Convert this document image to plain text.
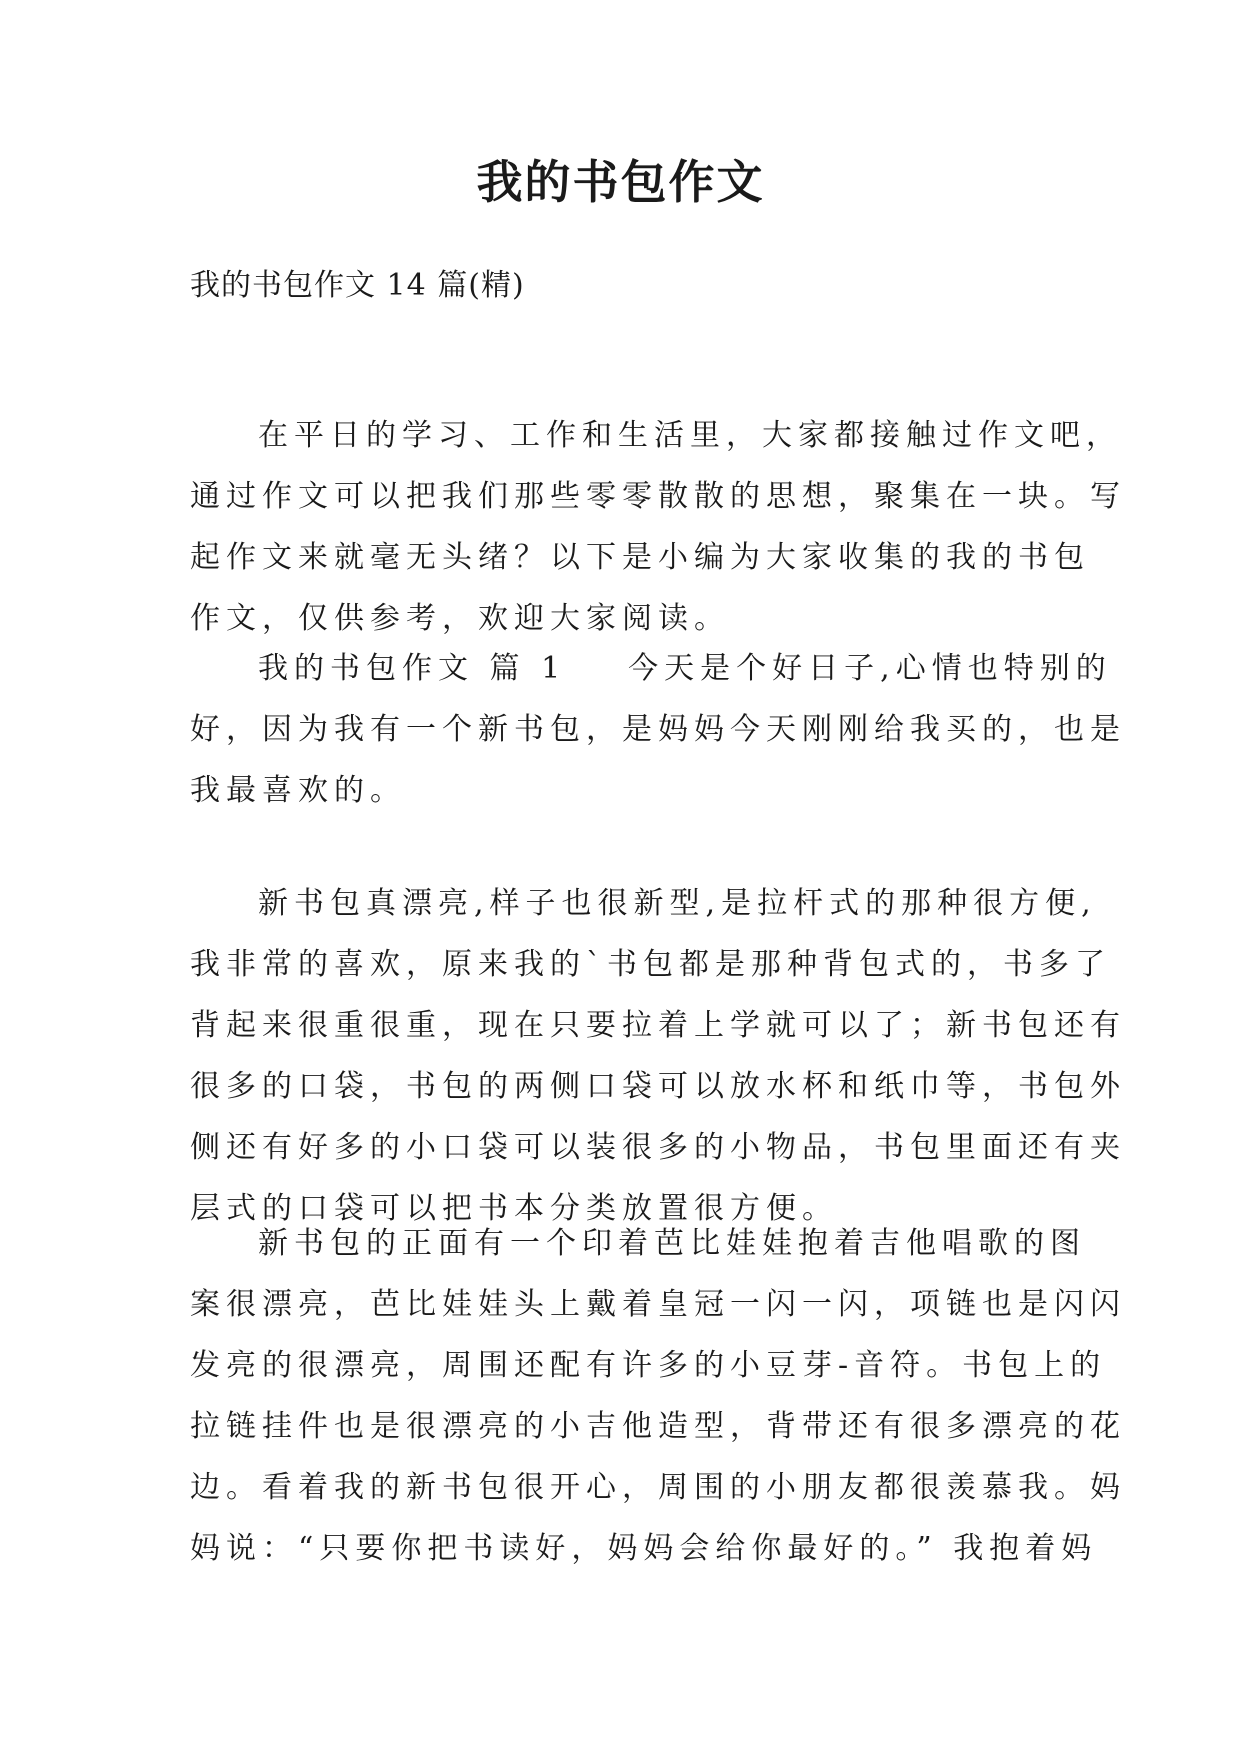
我的书包作文

我的书包作文 14 篇(精)

在平日的学习、工作和生活里，大家都接触过作文吧，
通过作文可以把我们那些零零散散的思想，聚集在一块。写
起作文来就毫无头绪？以下是小编为大家收集的我的书包
作文，仅供参考，欢迎大家阅读。
我的书包作文 篇 1 今天是个好日子,心情也特别的
好，因为我有一个新书包，是妈妈今天刚刚给我买的，也是
我最喜欢的。
新书包真漂亮,样子也很新型,是拉杆式的那种很方便,
我非常的喜欢，原来我的`书包都是那种背包式的，书多了
背起来很重很重，现在只要拉着上学就可以了；新书包还有
很多的口袋，书包的两侧口袋可以放水杯和纸巾等，书包外
侧还有好多的小口袋可以装很多的小物品，书包里面还有夹
层式的口袋可以把书本分类放置很方便。
新书包的正面有一个印着芭比娃娃抱着吉他唱歌的图
案很漂亮，芭比娃娃头上戴着皇冠一闪一闪，项链也是闪闪
发亮的很漂亮，周围还配有许多的小豆芽-音符。书包上的
拉链挂件也是很漂亮的小吉他造型，背带还有很多漂亮的花
边。看着我的新书包很开心，周围的小朋友都很羡慕我。妈
妈说：“只要你把书读好，妈妈会给你最好的。” 我抱着妈
